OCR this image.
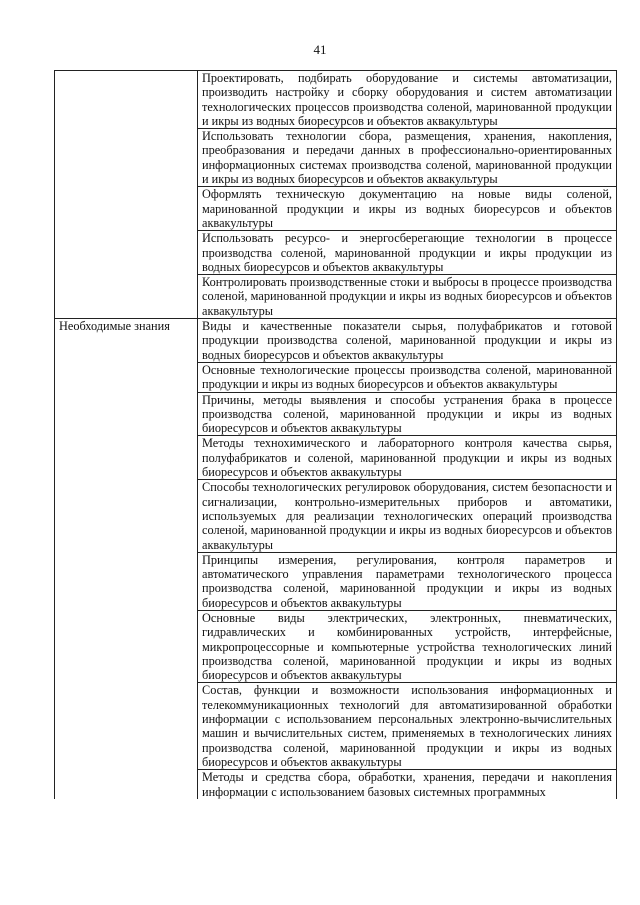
41
	Проектировать, подбирать оборудование и системы автоматизации, производить настройку и сборку оборудования и систем автоматизации технологических процессов производства соленой, маринованной продукции и икры из водных биоресурсов и объектов аквакультуры
	Использовать технологии сбора, размещения, хранения, накопления, преобразования и передачи данных в профессионально-ориентированных информационных системах производства соленой, маринованной продукции и икры из водных биоресурсов и объектов аквакультуры
	Оформлять техническую документацию на новые виды соленой, маринованной продукции и икры из водных биоресурсов и объектов аквакультуры
	Использовать ресурсо- и энергосберегающие технологии в процессе производства соленой, маринованной продукции и икры продукции из водных биоресурсов и объектов аквакультуры
	Контролировать производственные стоки и выбросы в процессе производства соленой, маринованной продукции и икры из водных биоресурсов и объектов аквакультуры
Необходимые знания	Виды и качественные показатели сырья, полуфабрикатов и готовой продукции производства соленой, маринованной продукции и икры из водных биоресурсов и объектов аквакультуры
	Основные технологические процессы производства соленой, маринованной продукции и икры из водных биоресурсов и объектов аквакультуры
	Причины, методы выявления и способы устранения брака в процессе производства соленой, маринованной продукции и икры из водных биоресурсов и объектов аквакультуры
	Методы технохимического и лабораторного контроля качества сырья, полуфабрикатов и соленой, маринованной продукции и икры из водных биоресурсов и объектов аквакультуры
	Способы технологических регулировок оборудования, систем безопасности и сигнализации, контрольно-измерительных приборов и автоматики, используемых для реализации технологических операций производства соленой, маринованной продукции и икры из водных биоресурсов и объектов аквакультуры
	Принципы измерения, регулирования, контроля параметров и автоматического управления параметрами технологического процесса производства соленой, маринованной продукции и икры из водных биоресурсов и объектов аквакультуры
	Основные виды электрических, электронных, пневматических, гидравлических и комбинированных устройств, интерфейсные, микропроцессорные и компьютерные устройства технологических линий производства соленой, маринованной продукции и икры из водных биоресурсов и объектов аквакультуры
	Состав, функции и возможности использования информационных и телекоммуникационных технологий для автоматизированной обработки информации с использованием персональных электронно-вычислительных машин и вычислительных систем, применяемых в технологических линиях производства соленой, маринованной продукции и икры из водных биоресурсов и объектов аквакультуры
	Методы и средства сбора, обработки, хранения, передачи и накопления информации с использованием базовых системных программных
